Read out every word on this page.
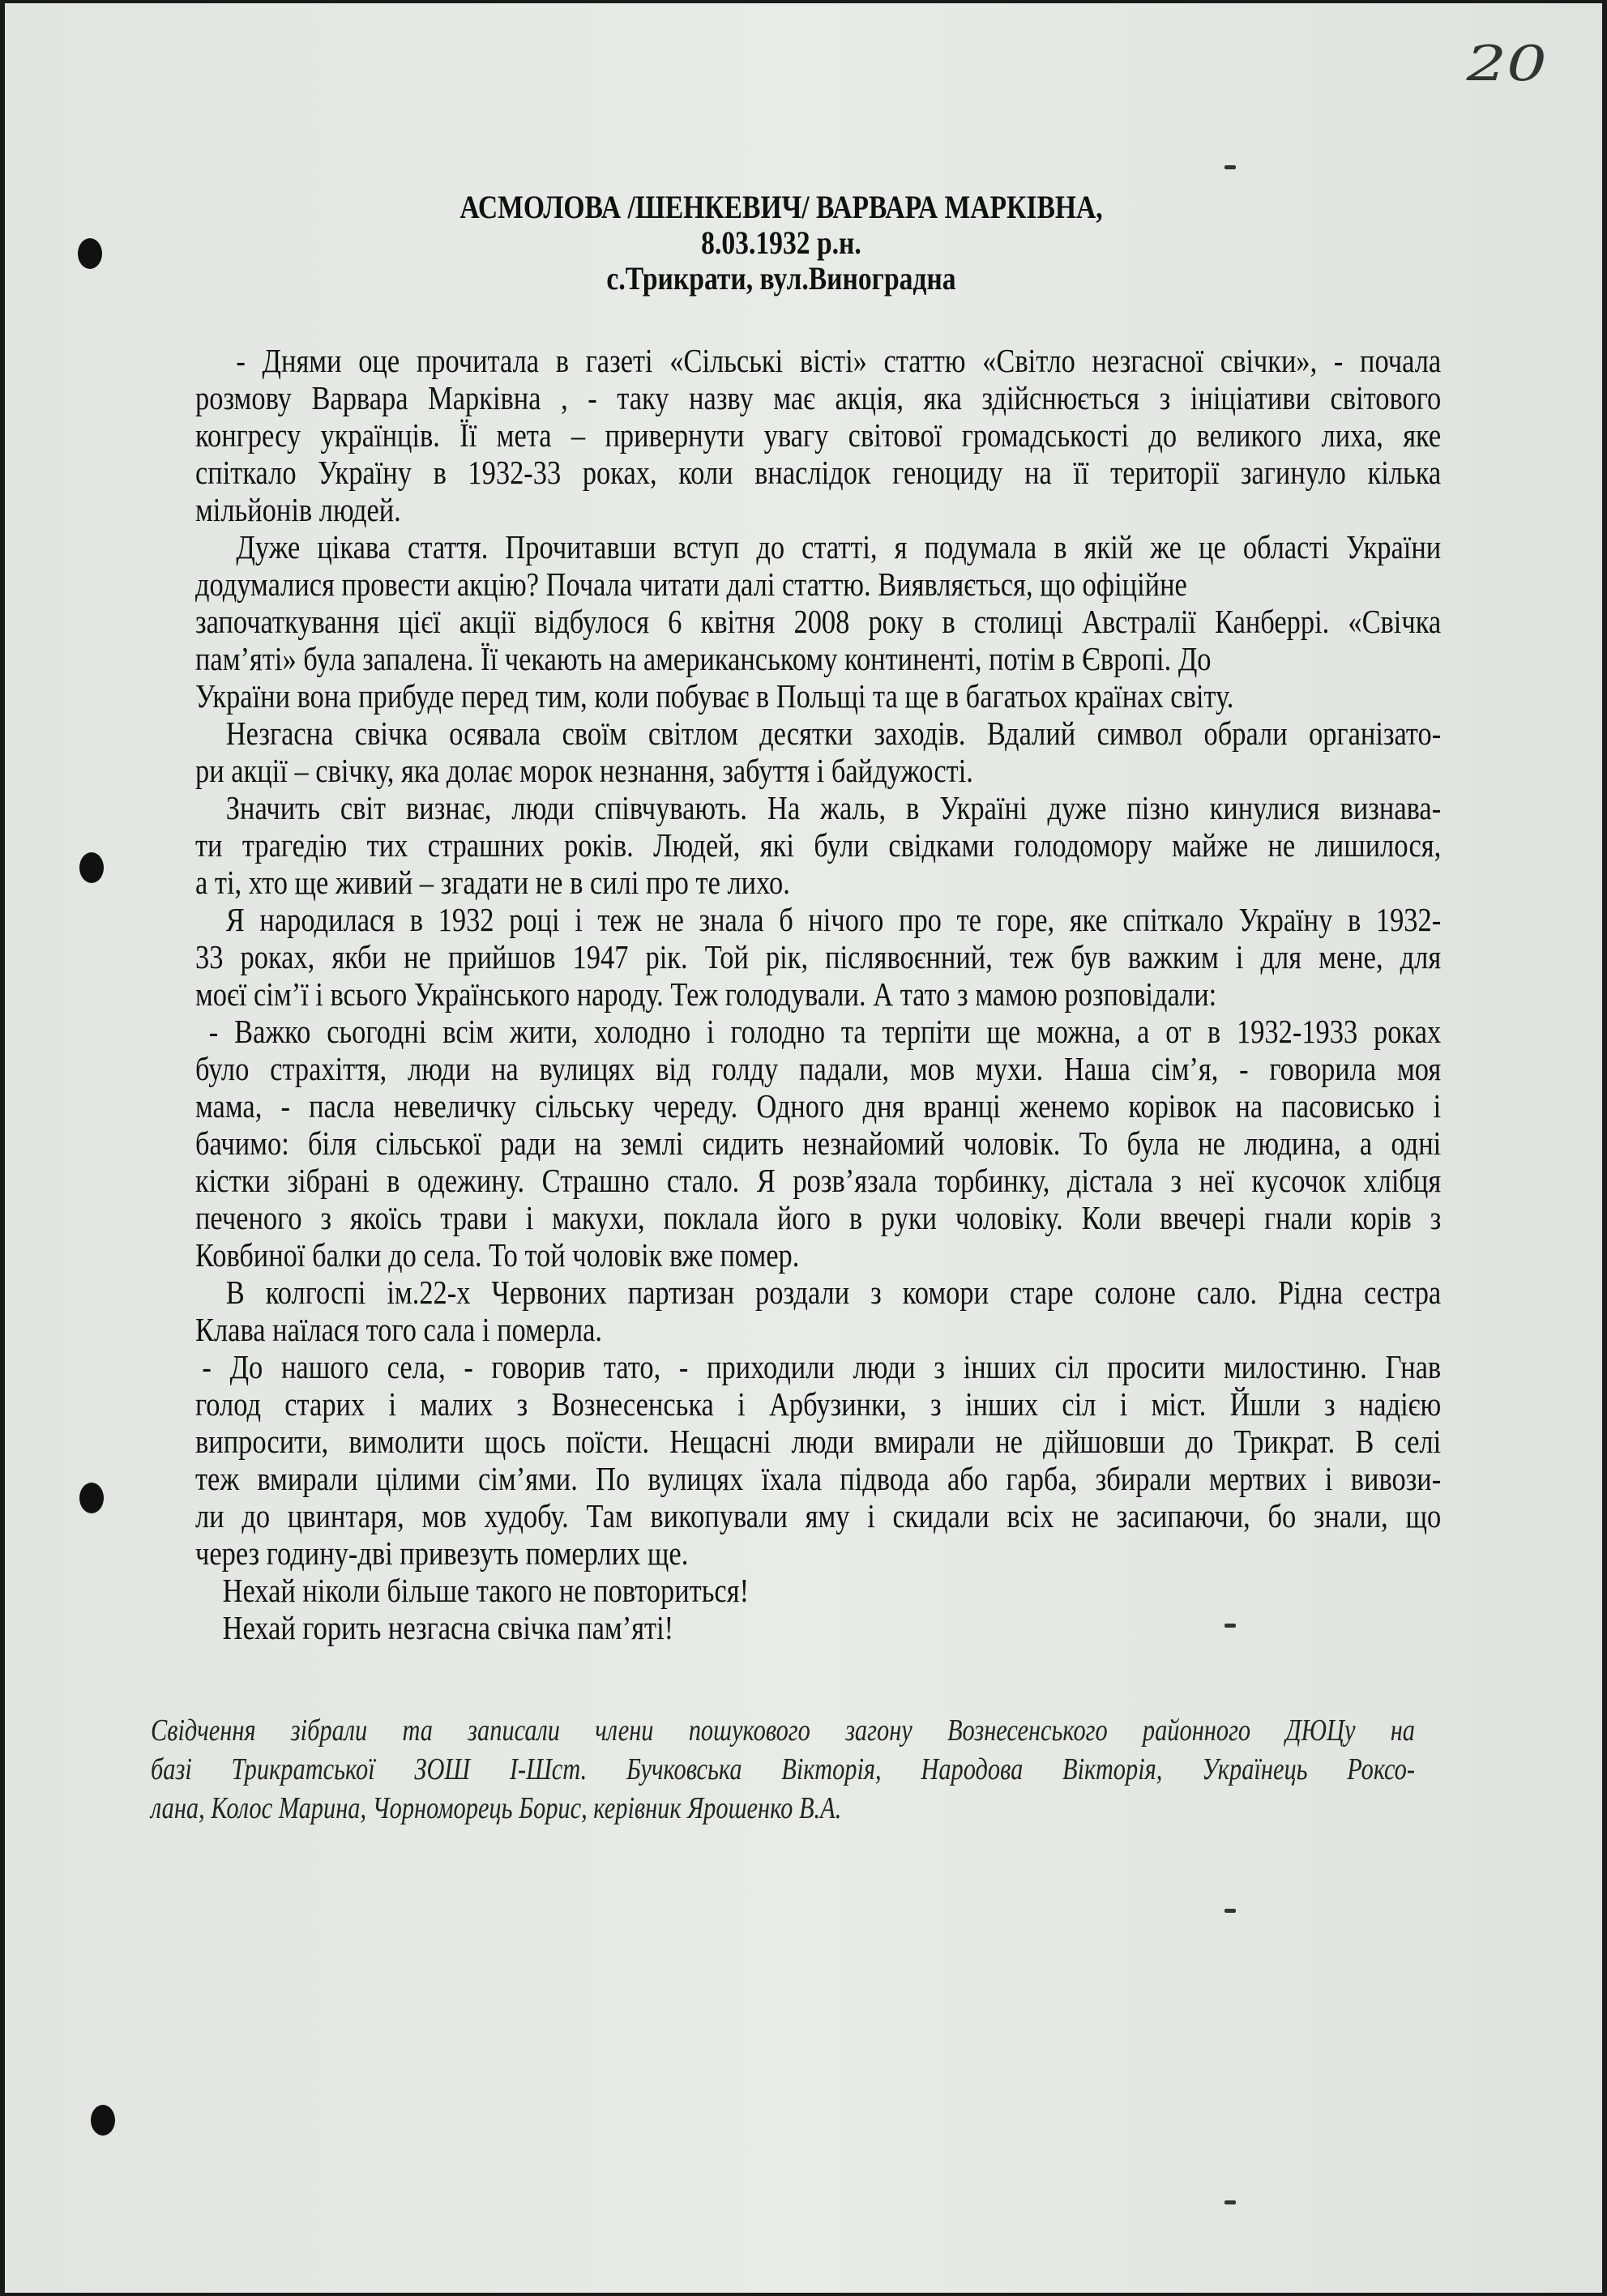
20
АСМОЛОВА /ШЕНКЕВИЧ/ ВАРВАРА МАРКІВНА,
8.03.1932 р.н.
с.Трикрати, вул.Виноградна
- Днями оце прочитала в газеті «Сільські вісті» статтю «Світло незгасної свічки», - почала
розмову Варвара Марківна , - таку назву має акція, яка здійснюється з ініціативи світового
конгресу українців. Її мета – привернути увагу світової громадськості до великого лиха, яке
спіткало Україну в 1932-33 роках, коли внаслідок геноциду на її території загинуло кілька
мільйонів людей.
Дуже цікава стаття. Прочитавши вступ до статті, я подумала в якій же це області України
додумалися провести акцію? Почала читати далі статтю. Виявляється, що офіційне
започаткування цієї акції відбулося 6 квітня 2008 року в столиці Австралії Канберрі. «Свічка
пам’яті» була запалена. Її чекають на американському континенті, потім в Європі. До
України вона прибуде перед тим, коли побуває в Польщі та ще в багатьох країнах світу.
Незгасна свічка осявала своїм світлом десятки заходів. Вдалий символ обрали організато-
ри акції – свічку, яка долає морок незнання, забуття і байдужості.
Значить світ визнає, люди співчувають. На жаль, в Україні дуже пізно кинулися визнава-
ти трагедію тих страшних років. Людей, які були свідками голодомору майже не лишилося,
а ті, хто ще живий – згадати не в силі про те лихо.
Я народилася в 1932 році і теж не знала б нічого про те горе, яке спіткало Україну в 1932-
33 роках, якби не прийшов 1947 рік. Той рік, післявоєнний, теж був важким і для мене, для
моєї сім’ї і всього Українського народу. Теж голодували. А тато з мамою розповідали:
- Важко сьогодні всім жити, холодно і голодно та терпіти ще можна, а от в 1932-1933 роках
було страхіття, люди на вулицях від голду падали, мов мухи. Наша сім’я, - говорила моя
мама, - пасла невеличку сільську череду. Одного дня вранці женемо корівок на пасовисько і
бачимо: біля сільської ради на землі сидить незнайомий чоловік. То була не людина, а одні
кістки зібрані в одежину. Страшно стало. Я розв’язала торбинку, дістала з неї кусочок хлібця
печеного з якоїсь трави і макухи, поклала його в руки чоловіку. Коли ввечері гнали корів з
Ковбиної балки до села. То той чоловік вже помер.
В колгоспі ім.22-х Червоних партизан роздали з комори старе солоне сало. Рідна сестра
Клава наїлася того сала і померла.
- До нашого села, - говорив тато, - приходили люди з інших сіл просити милостиню. Гнав
голод старих і малих з Вознесенська і Арбузинки, з інших сіл і міст. Йшли з надією
випросити, вимолити щось поїсти. Нещасні люди вмирали не дійшовши до Трикрат. В селі
теж вмирали цілими сім’ями. По вулицях їхала підвода або гарба, збирали мертвих і вивози-
ли до цвинтаря, мов худобу. Там викопували яму і скидали всіх не засипаючи, бо знали, що
через годину-дві привезуть померлих ще.
Нехай ніколи більше такого не повториться!
Нехай горить незгасна свічка пам’яті!
Свідчення зібрали та записали члени пошукового загону Вознесенського районного ДЮЦу на
базі Трикратської ЗОШ І-Шст. Бучковська Вікторія, Народова Вікторія, Українець Роксо-
лана, Колос Марина, Чорноморець Борис, керівник Ярошенко В.А.
